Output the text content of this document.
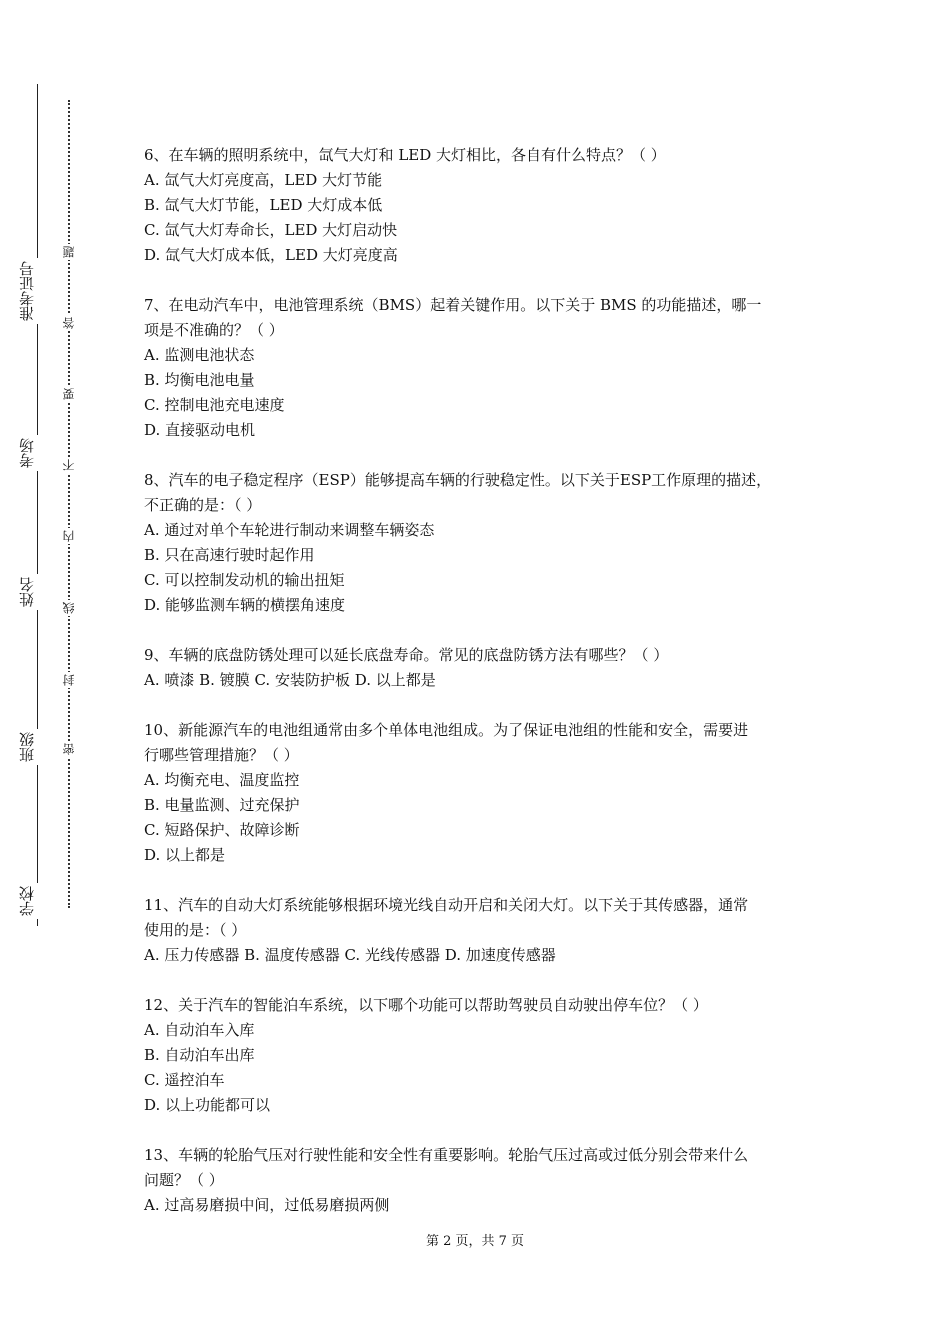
学校
班级
姓名
考场
准考证号
密
封
线
内
不
要
答
题
6、在车辆的照明系统中，氙气大灯和 LED 大灯相比，各自有什么特点？（ ）
A. 氙气大灯亮度高，LED 大灯节能
B. 氙气大灯节能，LED 大灯成本低
C. 氙气大灯寿命长，LED 大灯启动快
D. 氙气大灯成本低，LED 大灯亮度高
7、在电动汽车中，电池管理系统（BMS）起着关键作用。以下关于 BMS 的功能描述，哪一
项是不准确的？（ ）
A. 监测电池状态
B. 均衡电池电量
C. 控制电池充电速度
D. 直接驱动电机
8、汽车的电子稳定程序（ESP）能够提高车辆的行驶稳定性。以下关于ESP工作原理的描述，
不正确的是：（ ）
A. 通过对单个车轮进行制动来调整车辆姿态
B. 只在高速行驶时起作用
C. 可以控制发动机的输出扭矩
D. 能够监测车辆的横摆角速度
9、车辆的底盘防锈处理可以延长底盘寿命。常见的底盘防锈方法有哪些？（ ）
A. 喷漆 B. 镀膜 C. 安装防护板 D. 以上都是
10、新能源汽车的电池组通常由多个单体电池组成。为了保证电池组的性能和安全，需要进
行哪些管理措施？（ ）
A. 均衡充电、温度监控
B. 电量监测、过充保护
C. 短路保护、故障诊断
D. 以上都是
11、汽车的自动大灯系统能够根据环境光线自动开启和关闭大灯。以下关于其传感器，通常
使用的是：（ ）
A. 压力传感器 B. 温度传感器 C. 光线传感器 D. 加速度传感器
12、关于汽车的智能泊车系统，以下哪个功能可以帮助驾驶员自动驶出停车位？（ ）
A. 自动泊车入库
B. 自动泊车出库
C. 遥控泊车
D. 以上功能都可以
13、车辆的轮胎气压对行驶性能和安全性有重要影响。轮胎气压过高或过低分别会带来什么
问题？（ ）
A. 过高易磨损中间，过低易磨损两侧
第 2 页，共 7 页
